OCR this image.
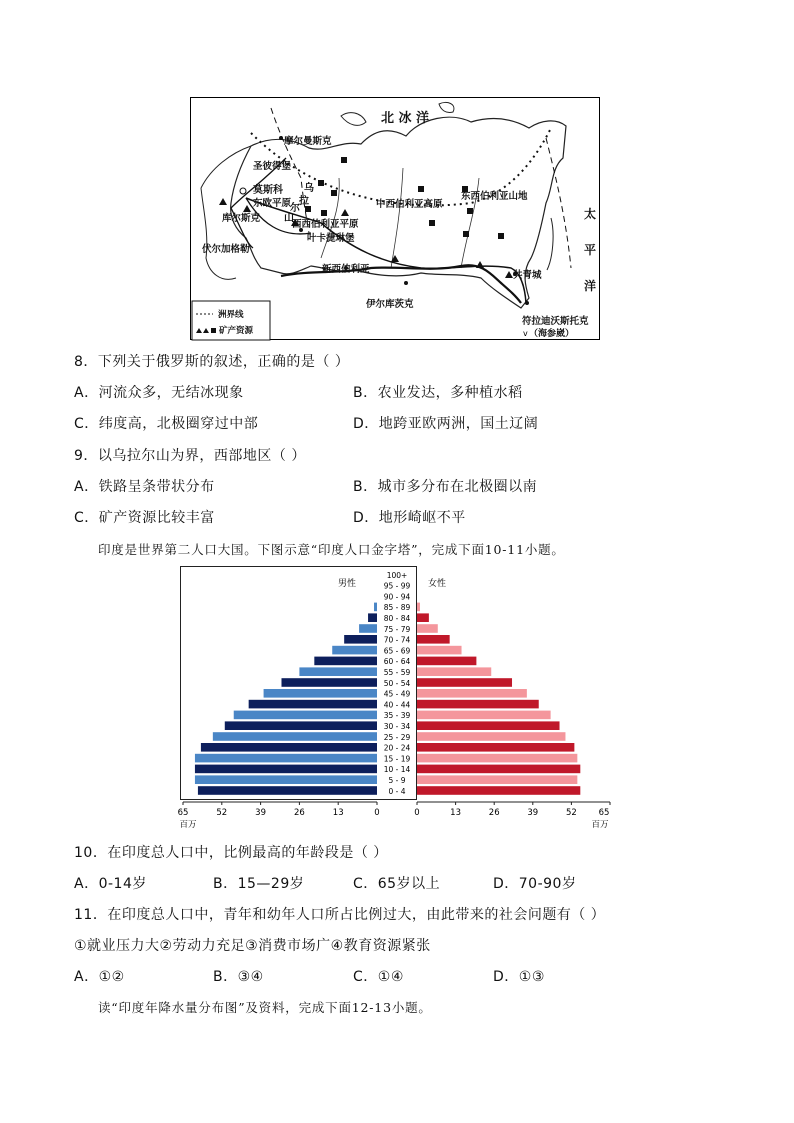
北 冰 洋
太
平
洋
摩尔曼斯克
圣彼得堡
莫斯科
东欧平原
库尔斯克
伏尔加格勒
乌
拉
尔
山
西西伯利亚平原
叶卡捷琳堡
新西伯利亚
中西伯利亚高原
东西伯利亚山地
伊尔库茨克
共青城
符拉迪沃斯托克
（海参崴）
v
洲界线
矿产资源
8．下列关于俄罗斯的叙述，正确的是（ ）
A．河流众多，无结冰现象	B．农业发达，多种植水稻
C．纬度高，北极圈穿过中部	D．地跨亚欧两洲，国土辽阔
9．以乌拉尔山为界，西部地区（ ）
A．铁路呈条带状分布	B．城市多分布在北极圈以南
C．矿产资源比较丰富	D．地形崎岖不平
印度是世界第二人口大国。下图示意“印度人口金字塔”，完成下面10-11小题。
男性	女性
0 - 4
5 - 9
10 - 14
15 - 19
20 - 24
25 - 29
30 - 34
35 - 39
40 - 44
45 - 49
50 - 54
55 - 59
60 - 64
65 - 69
70 - 74
75 - 79
80 - 84
85 - 89
90 - 94
95 - 99
100+
65	52	39	26	13	0	0	13	26	39	52	65
百万	百万
10．在印度总人口中，比例最高的年龄段是（ ）
A．0-14岁	B．15—29岁	C．65岁以上	D．70-90岁
11．在印度总人口中，青年和幼年人口所占比例过大，由此带来的社会问题有（ ）
①就业压力大②劳动力充足③消费市场广④教育资源紧张
A．①②	B．③④	C．①④	D．①③
读“印度年降水量分布图”及资料，完成下面12-13小题。
